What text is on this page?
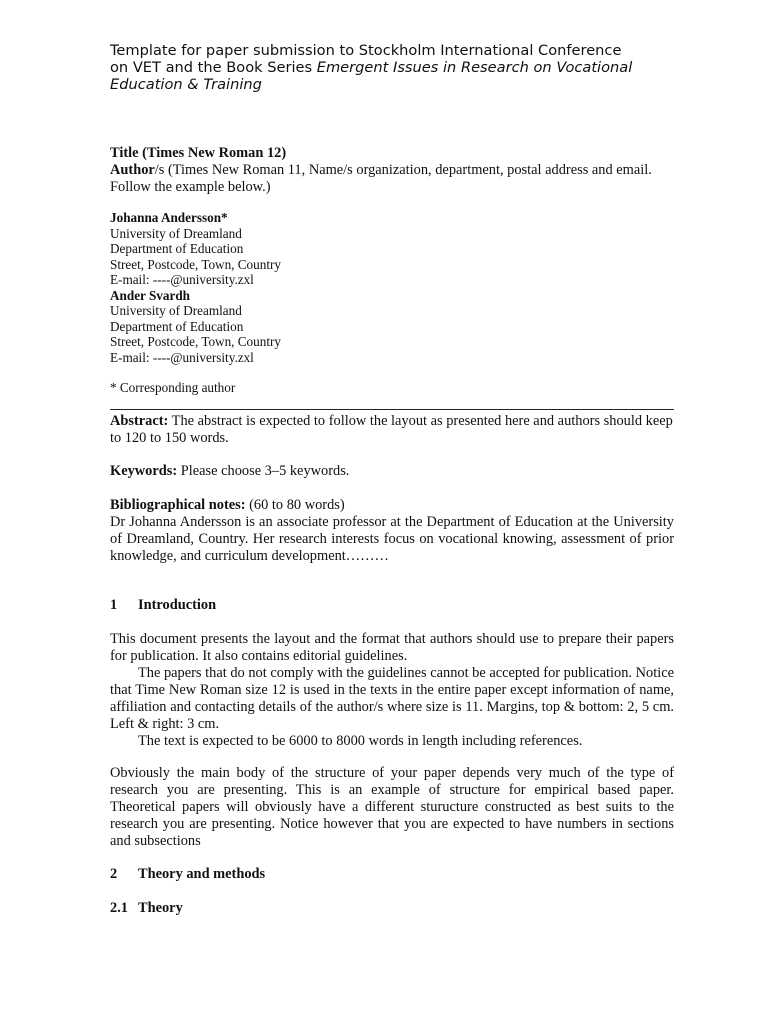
Template for paper submission to Stockholm International Conference
on VET and the Book Series Emergent Issues in Research on Vocational
Education & Training
Title (Times New Roman 12)
Author/s (Times New Roman 11, Name/s organization, department, postal address and email. Follow the example below.)
Johanna Andersson*
University of Dreamland
Department of Education
Street, Postcode, Town, Country
E-mail: ----@university.zxl
Ander Svardh
University of Dreamland
Department of Education
Street, Postcode, Town, Country
E-mail: ----@university.zxl
* Corresponding author
Abstract: The abstract is expected to follow the layout as presented here and authors should keep to 120 to 150 words.
Keywords: Please choose 3–5 keywords.
Bibliographical notes: (60 to 80 words)
Dr Johanna Andersson is an associate professor at the Department of Education at the University of Dreamland, Country. Her research interests focus on vocational knowing, assessment of prior knowledge, and curriculum development………
1 Introduction
This document presents the layout and the format that authors should use to prepare their papers for publication. It also contains editorial guidelines.
The papers that do not comply with the guidelines cannot be accepted for publication. Notice that Time New Roman size 12 is used in the texts in the entire paper except information of name, affiliation and contacting details of the author/s where size is 11. Margins, top & bottom: 2, 5 cm. Left & right: 3 cm.
The text is expected to be 6000 to 8000 words in length including references.
Obviously the main body of the structure of your paper depends very much of the type of research you are presenting. This is an example of structure for empirical based paper. Theoretical papers will obviously have a different sturucture constructed as best suits to the research you are presenting. Notice however that you are expected to have numbers in sections and subsections
2 Theory and methods
2.1 Theory
